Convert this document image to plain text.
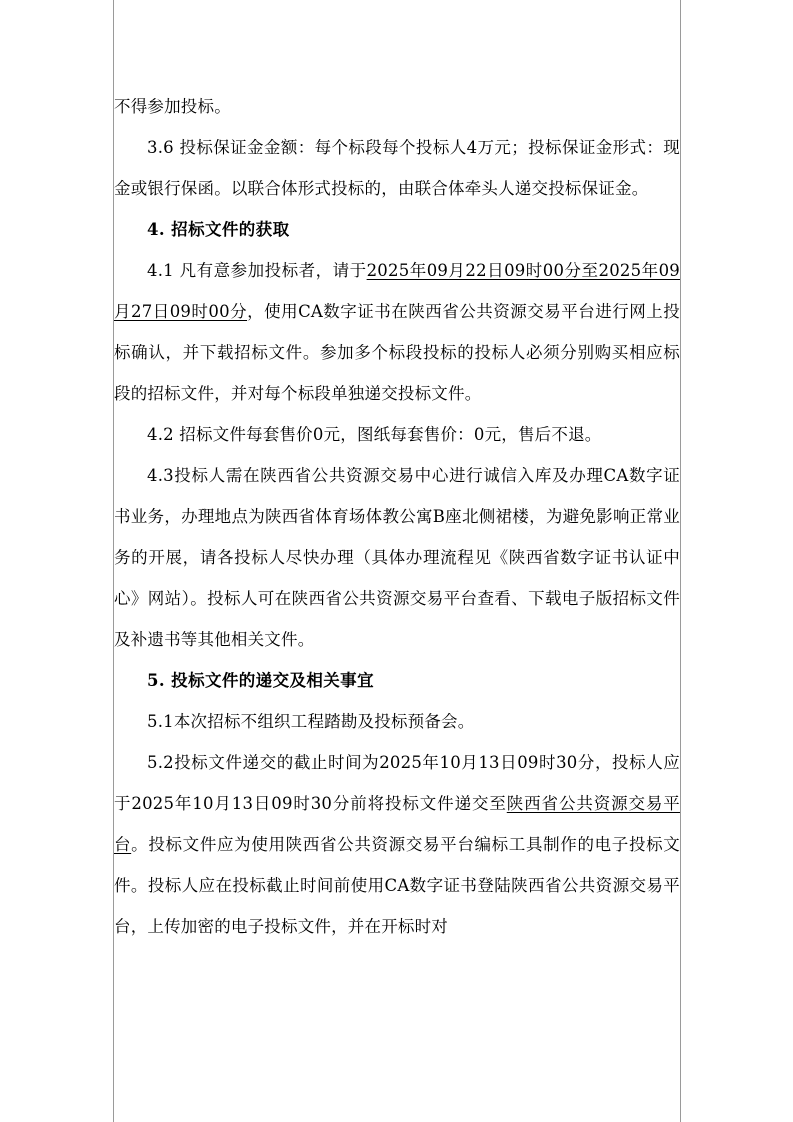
不得参加投标。

3.6 投标保证金金额：每个标段每个投标人4万元；投标保证金形式：现金或银行保函。以联合体形式投标的，由联合体牵头人递交投标保证金。

4. 招标文件的获取

4.1 凡有意参加投标者，请于2025年09月22日09时00分至2025年09月27日09时00分，使用CA数字证书在陕西省公共资源交易平台进行网上投标确认，并下载招标文件。参加多个标段投标的投标人必须分别购买相应标段的招标文件，并对每个标段单独递交投标文件。

4.2 招标文件每套售价0元，图纸每套售价：0元，售后不退。

4.3投标人需在陕西省公共资源交易中心进行诚信入库及办理CA数字证书业务，办理地点为陕西省体育场体教公寓B座北侧裙楼，为避免影响正常业务的开展，请各投标人尽快办理（具体办理流程见《陕西省数字证书认证中心》网站）。投标人可在陕西省公共资源交易平台查看、下载电子版招标文件及补遗书等其他相关文件。

5. 投标文件的递交及相关事宜

5.1本次招标不组织工程踏勘及投标预备会。

5.2投标文件递交的截止时间为2025年10月13日09时30分，投标人应于2025年10月13日09时30分前将投标文件递交至陕西省公共资源交易平台。投标文件应为使用陕西省公共资源交易平台编标工具制作的电子投标文件。投标人应在投标截止时间前使用CA数字证书登陆陕西省公共资源交易平台，上传加密的电子投标文件，并在开标时对
